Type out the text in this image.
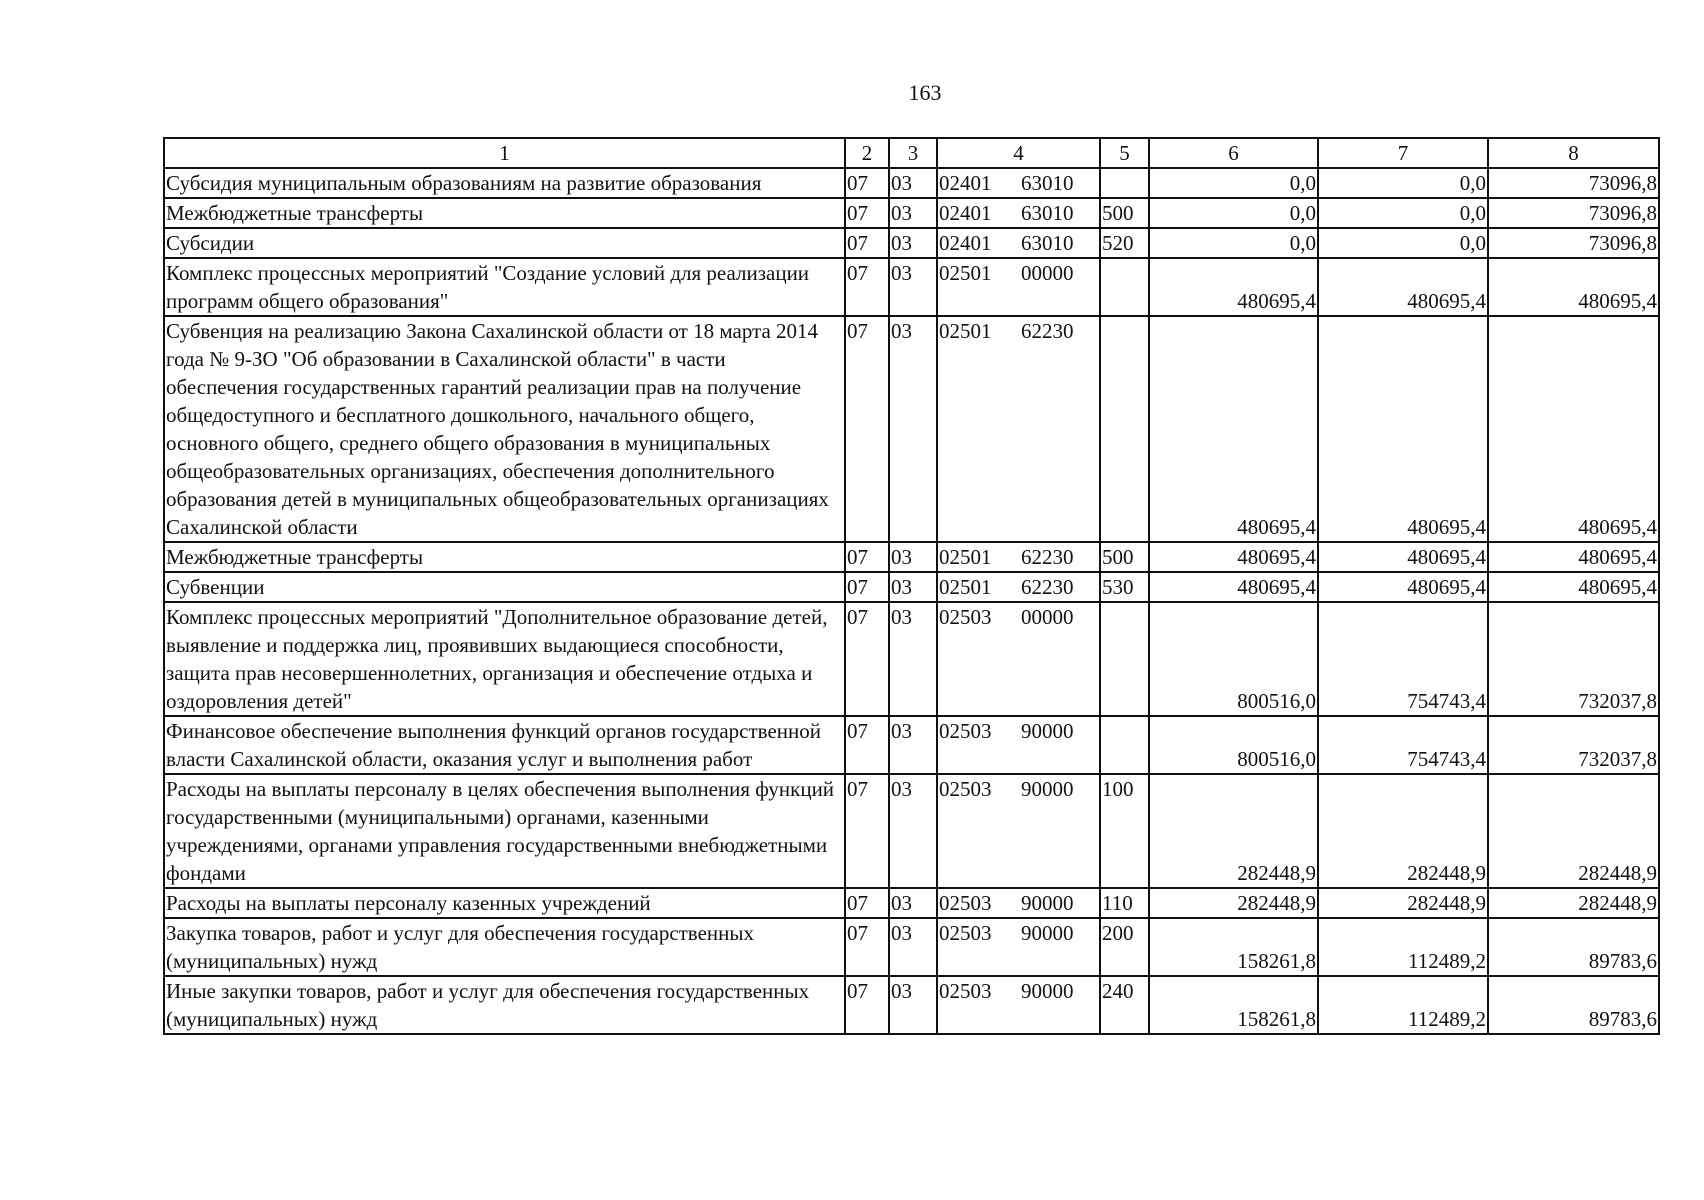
163
1	2	3	4	5	6	7	8
Субсидия муниципальным образованиям на развитие образования	07	03	02401 63010		0,0	0,0	73096,8
Межбюджетные трансферты	07	03	02401 63010	500	0,0	0,0	73096,8
Субсидии	07	03	02401 63010	520	0,0	0,0	73096,8
Комплекс процессных мероприятий "Создание условий для реализации программ общего образования"	07	03	02501 00000		480695,4	480695,4	480695,4
Субвенция на реализацию Закона Сахалинской области от 18 марта 2014 года № 9-ЗО "Об образовании в Сахалинской области" в части обеспечения государственных гарантий реализации прав на получение общедоступного и бесплатного дошкольного, начального общего, основного общего, среднего общего образования в муниципальных общеобразовательных организациях, обеспечения дополнительного образования детей в муниципальных общеобразовательных организациях Сахалинской области	07	03	02501 62230		480695,4	480695,4	480695,4
Межбюджетные трансферты	07	03	02501 62230	500	480695,4	480695,4	480695,4
Субвенции	07	03	02501 62230	530	480695,4	480695,4	480695,4
Комплекс процессных мероприятий "Дополнительное образование детей, выявление и поддержка лиц, проявивших выдающиеся способности, защита прав несовершеннолетних, организация и обеспечение отдыха и оздоровления детей"	07	03	02503 00000		800516,0	754743,4	732037,8
Финансовое обеспечение выполнения функций органов государственной власти Сахалинской области, оказания услуг и выполнения работ	07	03	02503 90000		800516,0	754743,4	732037,8
Расходы на выплаты персоналу в целях обеспечения выполнения функций государственными (муниципальными) органами, казенными учреждениями, органами управления государственными внебюджетными фондами	07	03	02503 90000	100	282448,9	282448,9	282448,9
Расходы на выплаты персоналу казенных учреждений	07	03	02503 90000	110	282448,9	282448,9	282448,9
Закупка товаров, работ и услуг для обеспечения государственных (муниципальных) нужд	07	03	02503 90000	200	158261,8	112489,2	89783,6
Иные закупки товаров, работ и услуг для обеспечения государственных (муниципальных) нужд	07	03	02503 90000	240	158261,8	112489,2	89783,6
